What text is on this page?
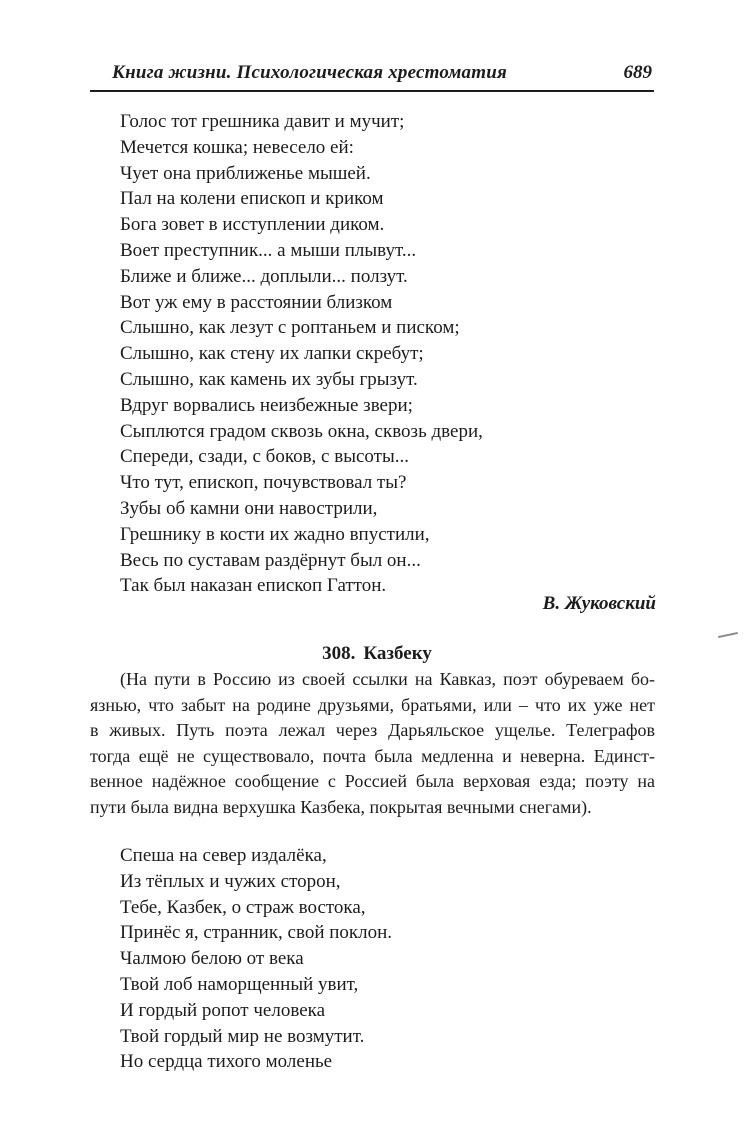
Книга жизни. Психологическая хрестоматия	689
Голос тот грешника давит и мучит;
Мечется кошка; невесело ей:
Чует она приближенье мышей.
Пал на колени епископ и криком
Бога зовет в исступлении диком.
Воет преступник... а мыши плывут...
Ближе и ближе... доплыли... ползут.
Вот уж ему в расстоянии близком
Слышно, как лезут с роптаньем и писком;
Слышно, как стену их лапки скребут;
Слышно, как камень их зубы грызут.
Вдруг ворвались неизбежные звери;
Сыплются градом сквозь окна, сквозь двери,
Спереди, сзади, с боков, с высоты...
Что тут, епископ, почувствовал ты?
Зубы об камни они навострили,
Грешнику в кости их жадно впустили,
Весь по суставам раздёрнут был он...
Так был наказан епископ Гаттон.
В. Жуковский
308. Казбеку
(На пути в Россию из своей ссылки на Кавказ, поэт обуреваем бо-
язнью, что забыт на родине друзьями, братьями, или – что их уже нет
в живых. Путь поэта лежал через Дарьяльское ущелье. Телеграфов
тогда ещё не существовало, почта была медленна и неверна. Единст-
венное надёжное сообщение с Россией была верховая езда; поэту на
пути была видна верхушка Казбека, покрытая вечными снегами).
Спеша на север издалёка,
Из тёплых и чужих сторон,
Тебе, Казбек, о страж востока,
Принёс я, странник, свой поклон.
Чалмою белою от века
Твой лоб наморщенный увит,
И гордый ропот человека
Твой гордый мир не возмутит.
Но сердца тихого моленье
